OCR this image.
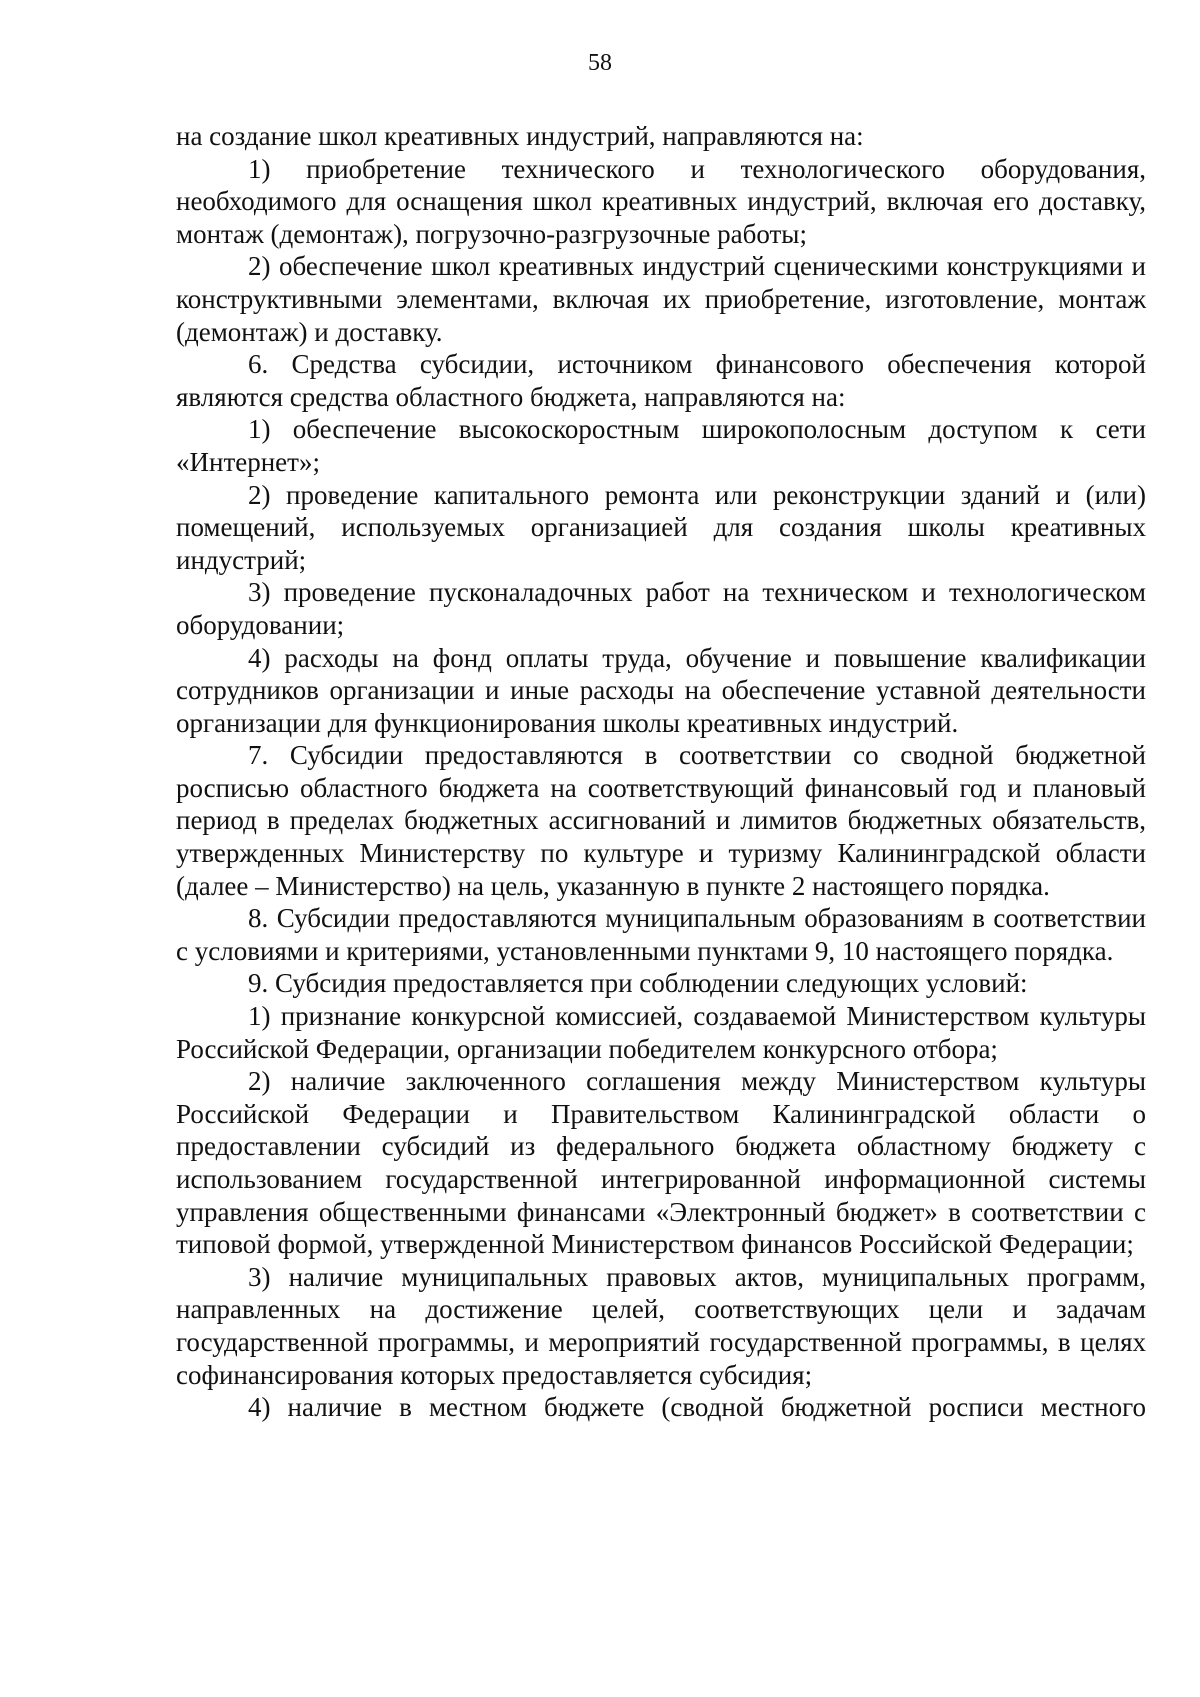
58

на создание школ креативных индустрий, направляются на:

1) приобретение технического и технологического оборудования, необходимого для оснащения школ креативных индустрий, включая его доставку, монтаж (демонтаж), погрузочно-разгрузочные работы;

2) обеспечение школ креативных индустрий сценическими конструкциями и конструктивными элементами, включая их приобретение, изготовление, монтаж (демонтаж) и доставку.

6. Средства субсидии, источником финансового обеспечения которой являются средства областного бюджета, направляются на:

1) обеспечение высокоскоростным широкополосным доступом к сети «Интернет»;

2) проведение капитального ремонта или реконструкции зданий и (или) помещений, используемых организацией для создания школы креативных индустрий;

3) проведение пусконаладочных работ на техническом и технологическом оборудовании;

4) расходы на фонд оплаты труда, обучение и повышение квалификации сотрудников организации и иные расходы на обеспечение уставной деятельности организации для функционирования школы креативных индустрий.

7. Субсидии предоставляются в соответствии со сводной бюджетной росписью областного бюджета на соответствующий финансовый год и плановый период в пределах бюджетных ассигнований и лимитов бюджетных обязательств, утвержденных Министерству по культуре и туризму Калининградской области (далее – Министерство) на цель, указанную в пункте 2 настоящего порядка.

8. Субсидии предоставляются муниципальным образованиям в соответствии с условиями и критериями, установленными пунктами 9, 10 настоящего порядка.

9. Субсидия предоставляется при соблюдении следующих условий:

1) признание конкурсной комиссией, создаваемой Министерством культуры Российской Федерации, организации победителем конкурсного отбора;

2) наличие заключенного соглашения между Министерством культуры Российской Федерации и Правительством Калининградской области о предоставлении субсидий из федерального бюджета областному бюджету с использованием государственной интегрированной информационной системы управления общественными финансами «Электронный бюджет» в соответствии с типовой формой, утвержденной Министерством финансов Российской Федерации;

3) наличие муниципальных правовых актов, муниципальных программ, направленных на достижение целей, соответствующих цели и задачам государственной программы, и мероприятий государственной программы, в целях софинансирования которых предоставляется субсидия;

4) наличие в местном бюджете (сводной бюджетной росписи местного
